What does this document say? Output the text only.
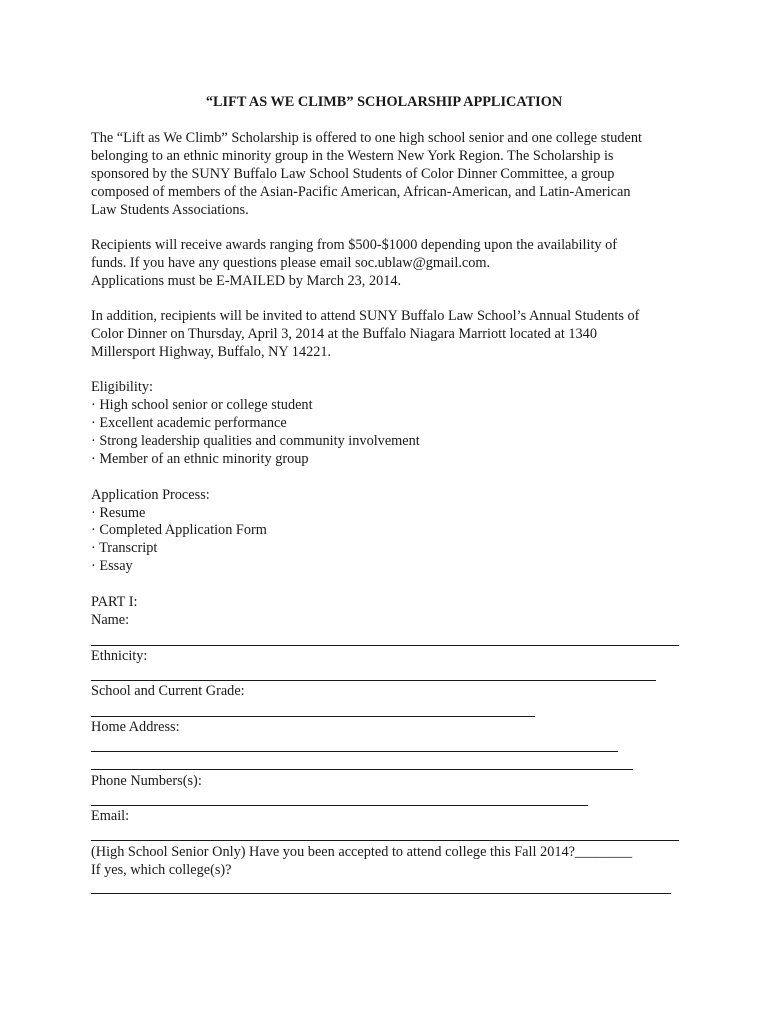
“LIFT AS WE CLIMB” SCHOLARSHIP APPLICATION
The “Lift as We Climb” Scholarship is offered to one high school senior and one college student
belonging to an ethnic minority group in the Western New York Region. The Scholarship is
sponsored by the SUNY Buffalo Law School Students of Color Dinner Committee, a group
composed of members of the Asian-Pacific American, African-American, and Latin-American
Law Students Associations.
Recipients will receive awards ranging from $500-$1000 depending upon the availability of
funds. If you have any questions please email soc.ublaw@gmail.com.
Applications must be E-MAILED by March 23, 2014.
In addition, recipients will be invited to attend SUNY Buffalo Law School’s Annual Students of
Color Dinner on Thursday, April 3, 2014 at the Buffalo Niagara Marriott located at 1340
Millersport Highway, Buffalo, NY 14221.
Eligibility:
· High school senior or college student
· Excellent academic performance
· Strong leadership qualities and community involvement
· Member of an ethnic minority group
Application Process:
· Resume
· Completed Application Form
· Transcript
· Essay
PART I:
Name:
Ethnicity:
School and Current Grade:
Home Address:
Phone Numbers(s):
Email:
(High School Senior Only) Have you been accepted to attend college this Fall 2014?________
If yes, which college(s)?
